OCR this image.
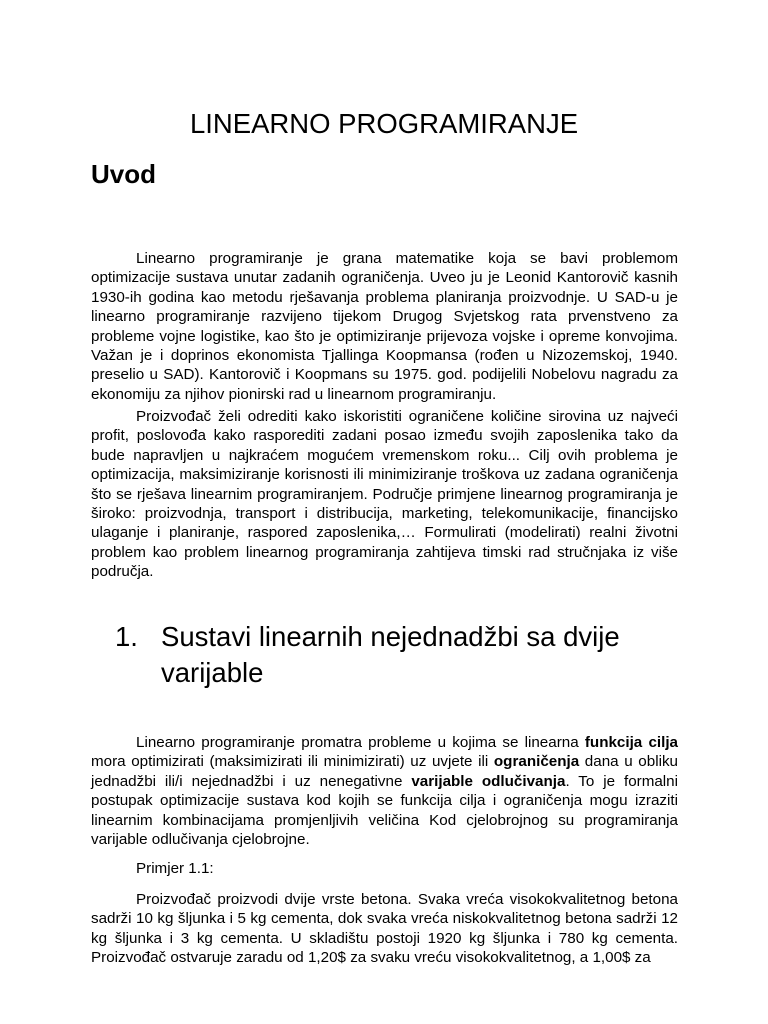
LINEARNO PROGRAMIRANJE
Uvod

Linearno programiranje je grana matematike koja se bavi problemom optimizacije sustava unutar zadanih ograničenja. Uveo ju je Leonid Kantorovič kasnih 1930-ih godina kao metodu rješavanja problema planiranja proizvodnje. U SAD-u je linearno programiranje razvijeno tijekom Drugog Svjetskog rata prvenstveno za probleme vojne logistike, kao što je optimiziranje prijevoza vojske i opreme konvojima. Važan je i doprinos ekonomista Tjallinga Koopmansa (rođen u Nizozemskoj, 1940. preselio u SAD). Kantorovič i Koopmans su 1975. god. podijelili Nobelovu nagradu za ekonomiju za njihov pionirski rad u linearnom programiranju.

Proizvođač želi odrediti kako iskoristiti ograničene količine sirovina uz najveći profit, poslovođa kako rasporediti zadani posao između svojih zaposlenika tako da bude napravljen u najkraćem mogućem vremenskom roku... Cilj ovih problema je optimizacija, maksimiziranje korisnosti ili minimiziranje troškova uz zadana ograničenja što se rješava linearnim programiranjem. Područje primjene linearnog programiranja je široko: proizvodnja, transport i distribucija, marketing, telekomunikacije, financijsko ulaganje i planiranje, raspored zaposlenika,… Formulirati (modelirati) realni životni problem kao problem linearnog programiranja zahtijeva timski rad stručnjaka iz više područja.

1. Sustavi linearnih nejednadžbi sa dvije varijable

Linearno programiranje promatra probleme u kojima se linearna funkcija cilja mora optimizirati (maksimizirati ili minimizirati) uz uvjete ili ograničenja dana u obliku jednadžbi ili/i nejednadžbi i uz nenegativne varijable odlučivanja. To je formalni postupak optimizacije sustava kod kojih se funkcija cilja i ograničenja mogu izraziti linearnim kombinacijama promjenljivih veličina Kod cjelobrojnog su programiranja varijable odlučivanja cjelobrojne.

Primjer 1.1:

Proizvođač proizvodi dvije vrste betona. Svaka vreća visokokvalitetnog betona sadrži 10 kg šljunka i 5 kg cementa, dok svaka vreća niskokvalitetnog betona sadrži 12 kg šljunka i 3 kg cementa. U skladištu postoji 1920 kg šljunka i 780 kg cementa. Proizvođač ostvaruje zaradu od 1,20$ za svaku vreću visokokvalitetnog, a 1,00$ za
